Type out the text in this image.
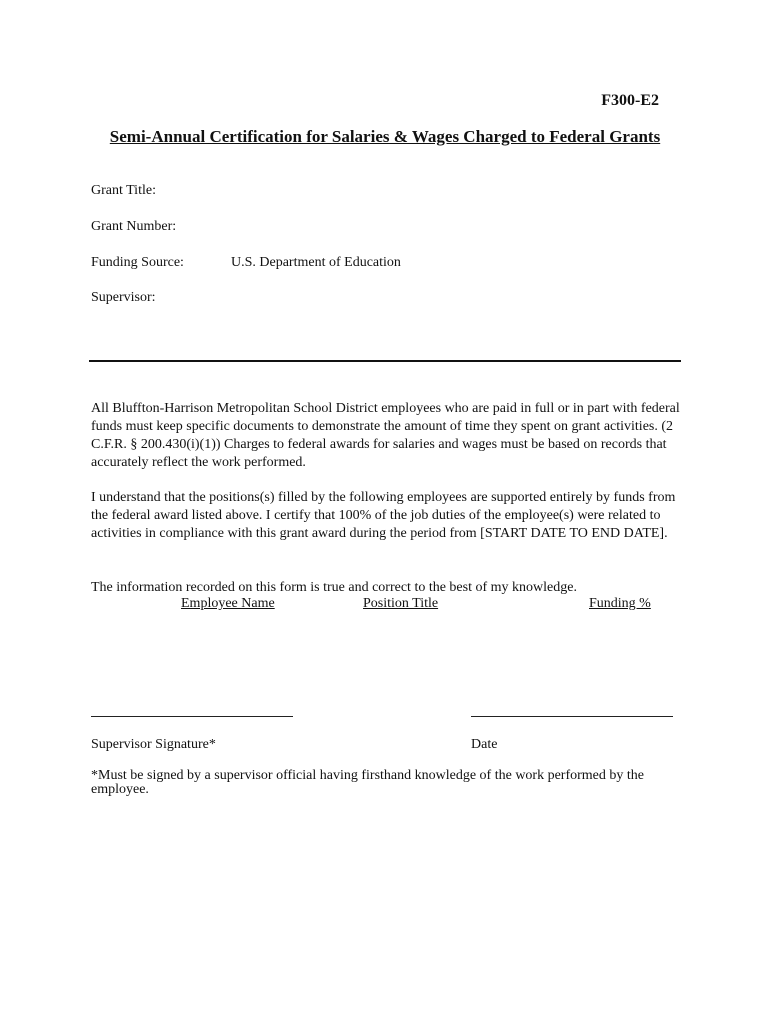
F300-E2
Semi-Annual Certification for Salaries & Wages Charged to Federal Grants
Grant Title:
Grant Number:
Funding Source:	U.S. Department of Education
Supervisor:

All Bluffton-Harrison Metropolitan School District employees who are paid in full or in part with federal funds must keep specific documents to demonstrate the amount of time they spent on grant activities. (2 C.F.R. § 200.430(i)(1)) Charges to federal awards for salaries and wages must be based on records that accurately reflect the work performed.

I understand that the positions(s) filled by the following employees are supported entirely by funds from the federal award listed above. I certify that 100% of the job duties of the employee(s) were related to activities in compliance with this grant award during the period from [START DATE TO END DATE].

The information recorded on this form is true and correct to the best of my knowledge.

Employee Name	Position Title	Funding %
Supervisor Signature*	Date

*Must be signed by a supervisor official having firsthand knowledge of the work performed by the employee.
